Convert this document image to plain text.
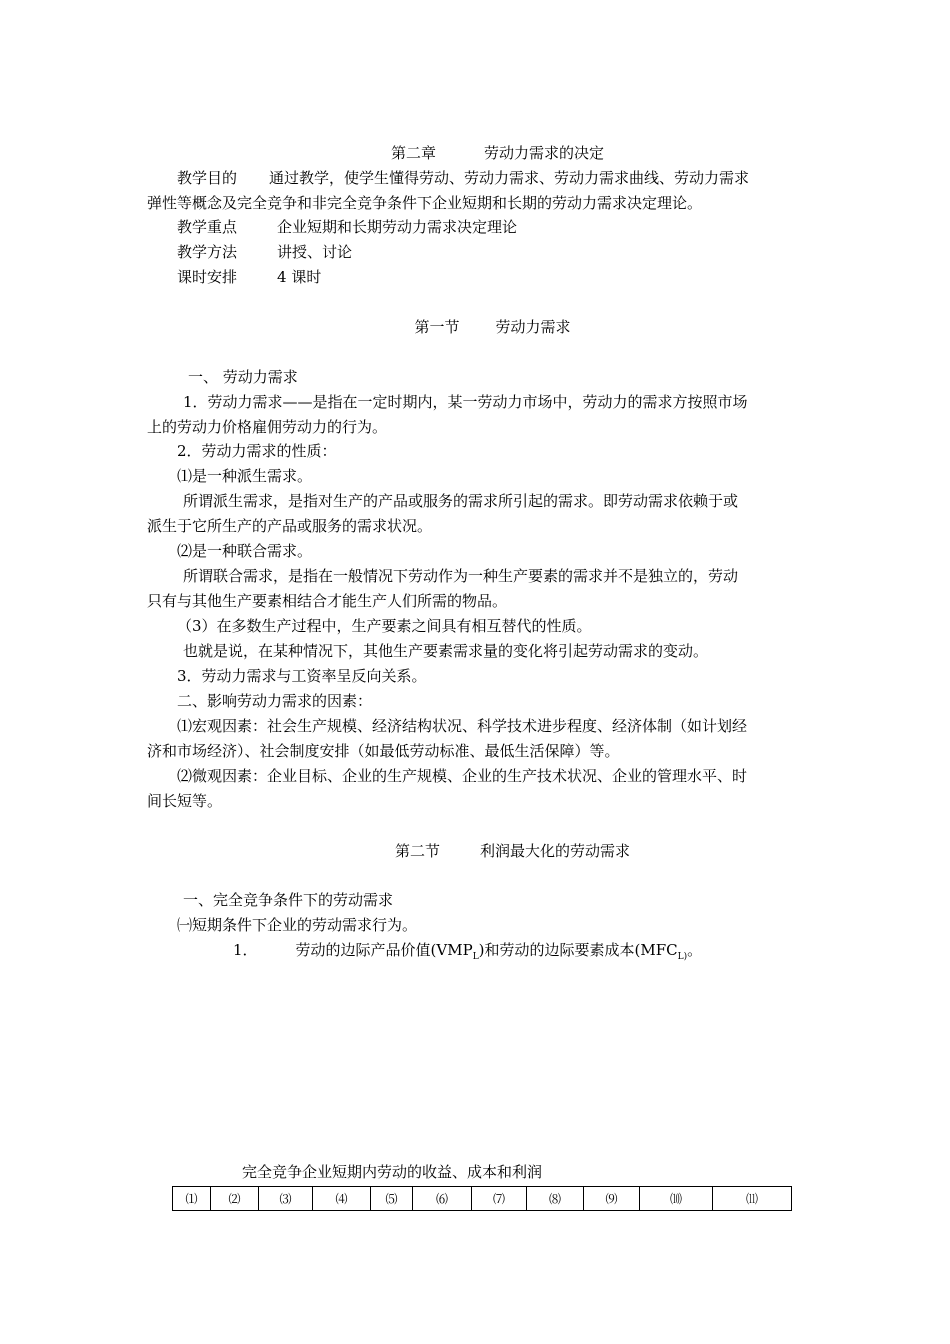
第二章	劳动力需求的决定
教学目的 通过教学，使学生懂得劳动、劳动力需求、劳动力需求曲线、劳动力需求
弹性等概念及完全竞争和非完全竞争条件下企业短期和长期的劳动力需求决定理论。
教学重点	企业短期和长期劳动力需求决定理论
教学方法	讲授、讨论
课时安排	4 课时
第一节 劳动力需求
一、 劳动力需求
1．劳动力需求——是指在一定时期内，某一劳动力市场中，劳动力的需求方按照市场
上的劳动力价格雇佣劳动力的行为。
2．劳动力需求的性质：
⑴是一种派生需求。
所谓派生需求，是指对生产的产品或服务的需求所引起的需求。即劳动需求依赖于或
派生于它所生产的产品或服务的需求状况。
⑵是一种联合需求。
所谓联合需求，是指在一般情况下劳动作为一种生产要素的需求并不是独立的，劳动
只有与其他生产要素相结合才能生产人们所需的物品。
（3）在多数生产过程中，生产要素之间具有相互替代的性质。
也就是说，在某种情况下，其他生产要素需求量的变化将引起劳动需求的变动。
3．劳动力需求与工资率呈反向关系。
二、影响劳动力需求的因素：
⑴宏观因素：社会生产规模、经济结构状况、科学技术进步程度、经济体制（如计划经
济和市场经济）、社会制度安排（如最低劳动标准、最低生活保障）等。
⑵微观因素：企业目标、企业的生产规模、企业的生产技术状况、企业的管理水平、时
间长短等。
第二节	利润最大化的劳动需求
一、完全竞争条件下的劳动需求
㈠短期条件下企业的劳动需求行为。
1．	劳动的边际产品价值$(VMP_L)$和劳动的边际要素成本($MFC_{L)}$。
完全竞争企业短期内劳动的收益、成本和利润
⑴	⑵	⑶	⑷	⑸	⑹	⑺	⑻	⑼	⑽	⑾
